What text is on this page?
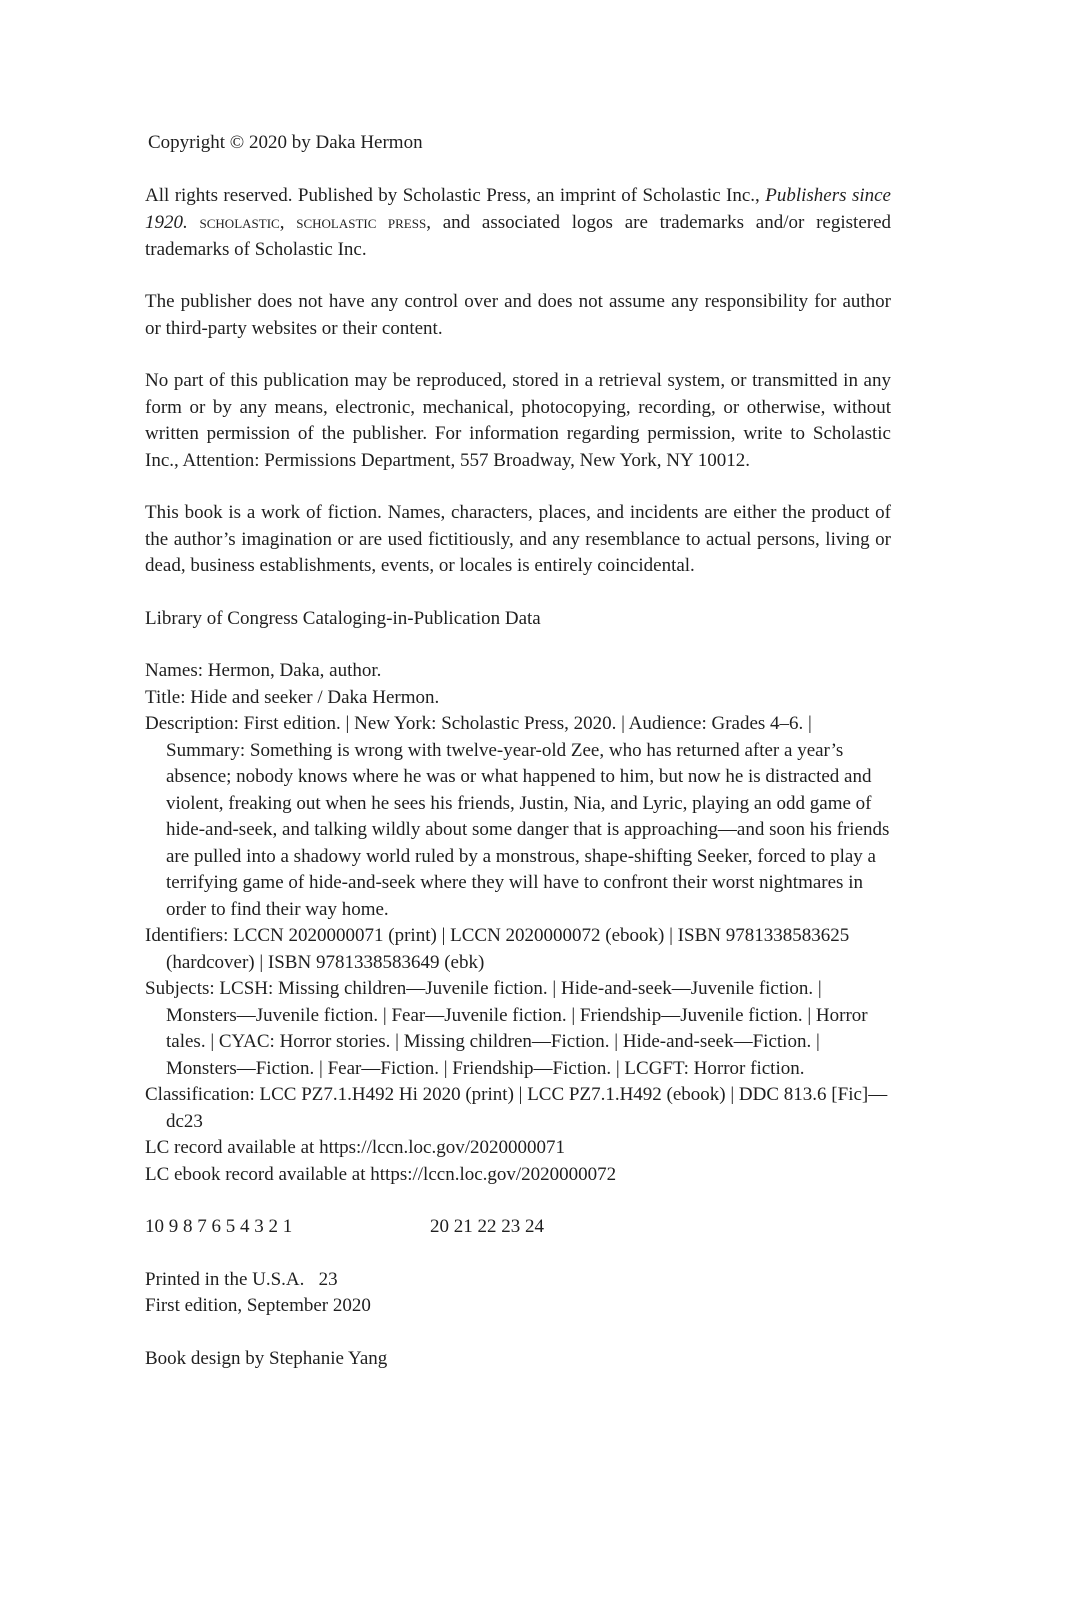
Copyright © 2020 by Daka Hermon

All rights reserved. Published by Scholastic Press, an imprint of Scholastic Inc., Publishers since 1920. scholastic, scholastic press, and associated logos are trademarks and/or registered trademarks of Scholastic Inc.

The publisher does not have any control over and does not assume any responsibility for author or third-party websites or their content.

No part of this publication may be reproduced, stored in a retrieval system, or transmitted in any form or by any means, electronic, mechanical, photocopying, recording, or otherwise, without written permission of the publisher. For information regarding permission, write to Scholastic Inc., Attention: Permissions Department, 557 Broadway, New York, NY 10012.

This book is a work of fiction. Names, characters, places, and incidents are either the product of the author’s imagination or are used fictitiously, and any resemblance to actual persons, living or dead, business establishments, events, or locales is entirely coincidental.

Library of Congress Cataloging-in-Publication Data

Names: Hermon, Daka, author.

Title: Hide and seeker / Daka Hermon.

Description: First edition. | New York: Scholastic Press, 2020. | Audience: Grades 4–6. | Summary: Something is wrong with twelve-year-old Zee, who has returned after a year’s absence; nobody knows where he was or what happened to him, but now he is distracted and violent, freaking out when he sees his friends, Justin, Nia, and Lyric, playing an odd game of hide-and-seek, and talking wildly about some danger that is approaching—and soon his friends are pulled into a shadowy world ruled by a monstrous, shape-shifting Seeker, forced to play a terrifying game of hide-and-seek where they will have to confront their worst nightmares in order to find their way home.

Identifiers: LCCN 2020000071 (print) | LCCN 2020000072 (ebook) | ISBN 9781338583625 (hardcover) | ISBN 9781338583649 (ebk)

Subjects: LCSH: Missing children—Juvenile fiction. | Hide-and-seek—Juvenile fiction. | Monsters—Juvenile fiction. | Fear—Juvenile fiction. | Friendship—Juvenile fiction. | Horror tales. | CYAC: Horror stories. | Missing children—Fiction. | Hide-and-seek—Fiction. | Monsters—Fiction. | Fear—Fiction. | Friendship—Fiction. | LCGFT: Horror fiction.

Classification: LCC PZ7.1.H492 Hi 2020 (print) | LCC PZ7.1.H492 (ebook) | DDC 813.6 [Fic]—dc23

LC record available at https://lccn.loc.gov/2020000071

LC ebook record available at https://lccn.loc.gov/2020000072

10 9 8 7 6 5 4 3 2 1	20 21 22 23 24

Printed in the U.S.A.   23

First edition, September 2020

Book design by Stephanie Yang
